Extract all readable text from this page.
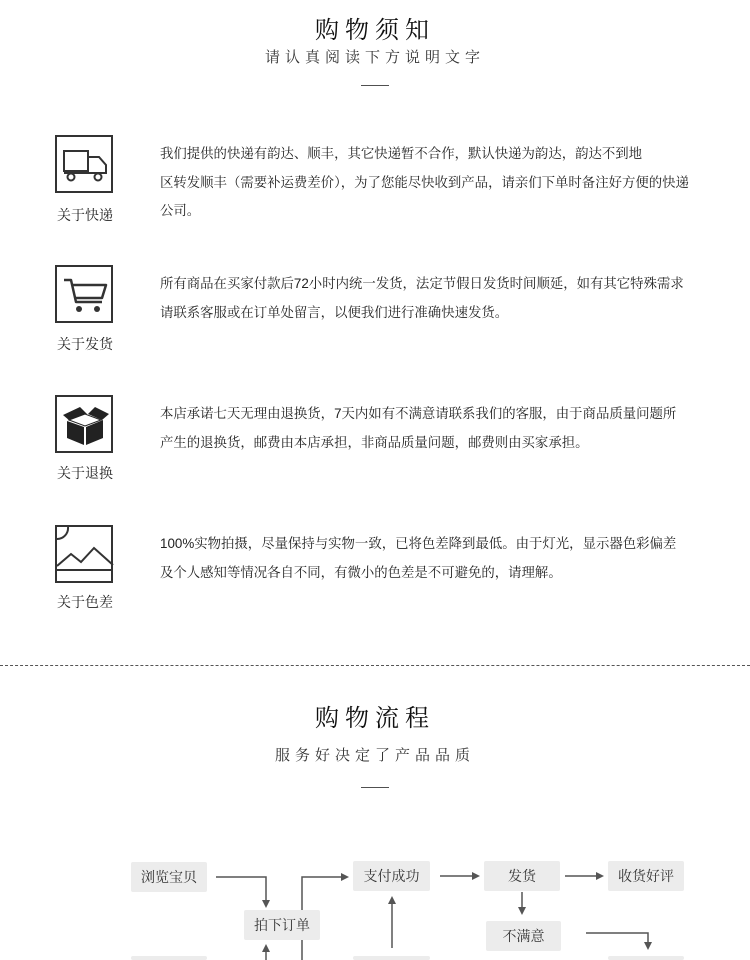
购物须知
请认真阅读下方说明文字
——
关于快递
我们提供的快递有韵达、顺丰，其它快递暂不合作，默认快递为韵达，韵达不到地
区转发顺丰（需要补运费差价），为了您能尽快收到产品，请亲们下单时备注好方便的快递
公司。
关于发货
所有商品在买家付款后72小时内统一发货，法定节假日发货时间顺延，如有其它特殊需求
请联系客服或在订单处留言，以便我们进行准确快速发货。
关于退换
本店承诺七天无理由退换货，7天内如有不满意请联系我们的客服，由于商品质量问题所
产生的退换货，邮费由本店承担，非商品质量问题，邮费则由买家承担。
关于色差
100%实物拍摄，尽量保持与实物一致，已将色差降到最低。由于灯光，显示器色彩偏差
及个人感知等情况各自不同，有微小的色差是不可避免的，请理解。
购物流程
服务好决定了产品品质
——
浏览宝贝
拍下订单
支付成功	发货	收货好评
不满意
